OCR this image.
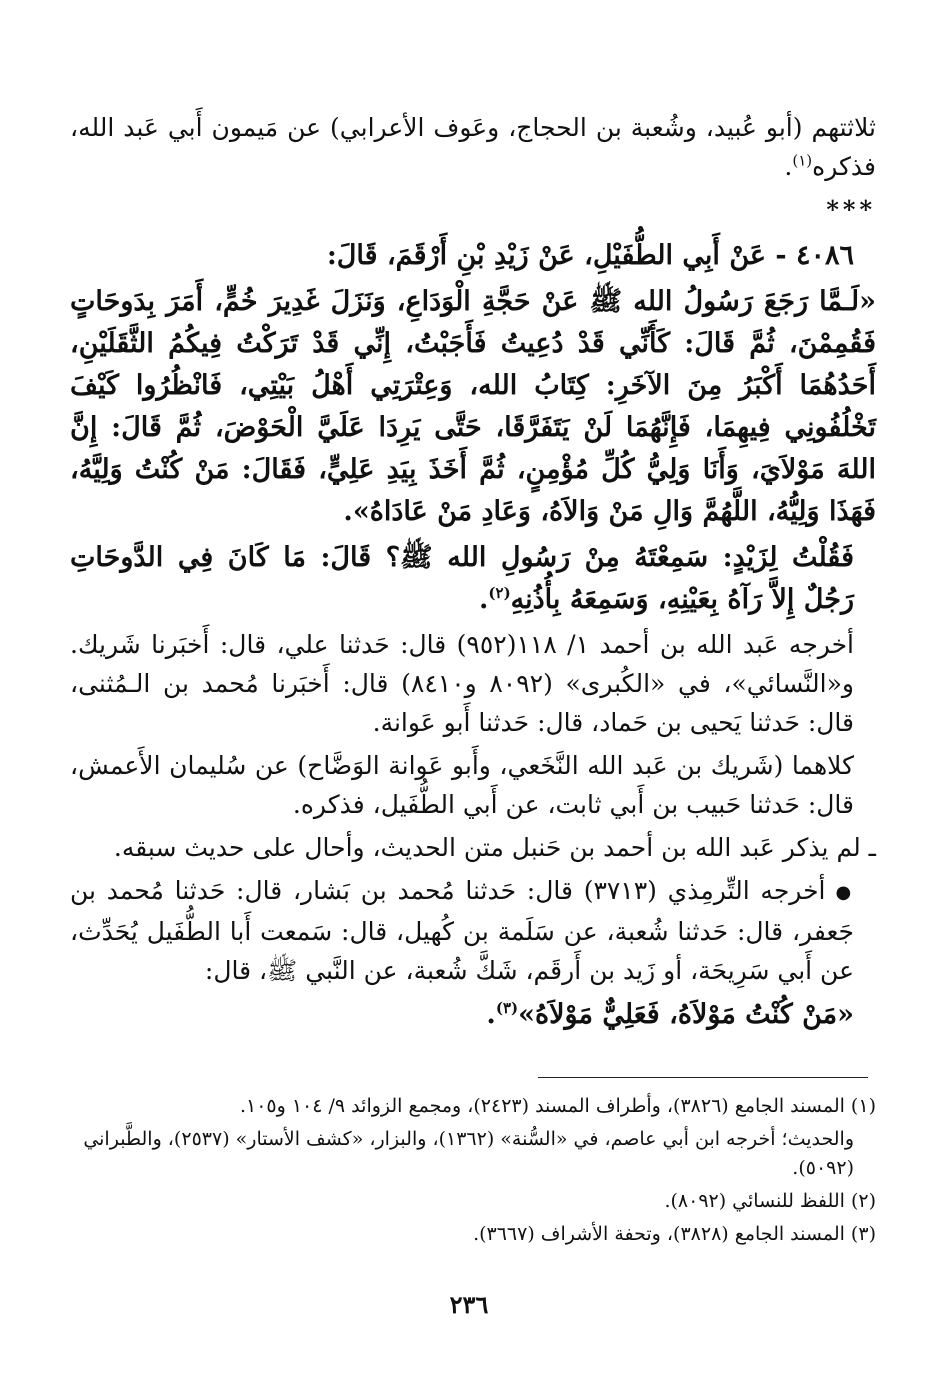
ثلاثتهم (أبو عُبيد، وشُعبة بن الحجاج، وعَوف الأعرابي) عن مَيمون أَبي عَبد الله، فذكره$^{(١)}$.

***

٤٠٨٦ - عَنْ أَبِي الطُّفَيْلِ، عَنْ زَيْدِ بْنِ أَرْقَمَ، قَالَ:

«لَـمَّا رَجَعَ رَسُولُ الله ﷺ عَنْ حَجَّةِ الْوَدَاعِ، وَنَزَلَ غَدِيرَ خُمٍّ، أَمَرَ بِدَوحَاتٍ فَقُمِمْنَ، ثُمَّ قَالَ: كَأَنِّي قَدْ دُعِيتُ فَأَجَبْتُ، إِنِّي قَدْ تَرَكْتُ فِيكُمُ الثَّقَلَيْنِ، أَحَدُهُمَا أَكْبَرُ مِنَ الآخَرِ: كِتَابُ الله، وَعِتْرَتِي أَهْلُ بَيْتِي، فَانْظُرُوا كَيْفَ تَخْلُفُونِي فِيهِمَا، فَإِنَّهُمَا لَنْ يَتَفَرَّقَا، حَتَّى يَرِدَا عَلَيَّ الْحَوْضَ، ثُمَّ قَالَ: إِنَّ اللهَ مَوْلاَيَ، وَأَنَا وَلِيُّ كُلِّ مُؤْمِنٍ، ثُمَّ أَخَذَ بِيَدِ عَلِيٍّ، فَقَالَ: مَنْ كُنْتُ وَلِيَّهُ، فَهَذَا وَلِيُّهُ، اللَّهُمَّ وَالِ مَنْ وَالاَهُ، وَعَادِ مَنْ عَادَاهُ».

فَقُلْتُ لِزَيْدٍ: سَمِعْتَهُ مِنْ رَسُولِ الله ﷺ؟ قَالَ: مَا كَانَ فِي الدَّوحَاتِ رَجُلٌ إِلاَّ رَآهُ بِعَيْنِهِ، وَسَمِعَهُ بِأُذُنِهِ$^{(٢)}$.

أخرجه عَبد الله بن أحمد ١/ ١١٨(٩٥٢) قال: حَدثنا علي، قال: أَخبَرنا شَريك. و«النَّسائي»، في «الكُبرى» (٨٠٩٢ و٨٤١٠) قال: أَخبَرنا مُحمد بن الـمُثنى، قال: حَدثنا يَحيى بن حَماد، قال: حَدثنا أَبو عَوانة.

كلاهما (شَريك بن عَبد الله النَّخَعي، وأَبو عَوانة الوَضَّاح) عن سُليمان الأَعمش، قال: حَدثنا حَبيب بن أَبي ثابت، عن أَبي الطُّفَيل، فذكره.

ـ لم يذكر عَبد الله بن أحمد بن حَنبل متن الحديث، وأحال على حديث سبقه.

●أخرجه التِّرمِذي (٣٧١٣) قال: حَدثنا مُحمد بن بَشار، قال: حَدثنا مُحمد بن جَعفر، قال: حَدثنا شُعبة، عن سَلَمة بن كُهيل، قال: سَمعت أَبا الطُّفَيل يُحَدِّث، عن أَبي سَرِيحَة، أو زَيد بن أَرقَم، شَكَّ شُعبة، عن النَّبي ﷺ، قال:

«مَنْ كُنْتُ مَوْلاَهُ، فَعَلِيٌّ مَوْلاَهُ»$^{(٣)}$.

(١) المسند الجامع (٣٨٢٦)، وأطراف المسند (٢٤٢٣)، ومجمع الزوائد ٩/ ١٠٤ و١٠٥.

والحديث؛ أخرجه ابن أبي عاصم، في «السُّنة» (١٣٦٢)، والبزار، «كشف الأستار» (٢٥٣٧)، والطَّبراني (٥٠٩٢).

(٢) اللفظ للنسائي (٨٠٩٢).

(٣) المسند الجامع (٣٨٢٨)، وتحفة الأشراف (٣٦٦٧).

٢٣٦
